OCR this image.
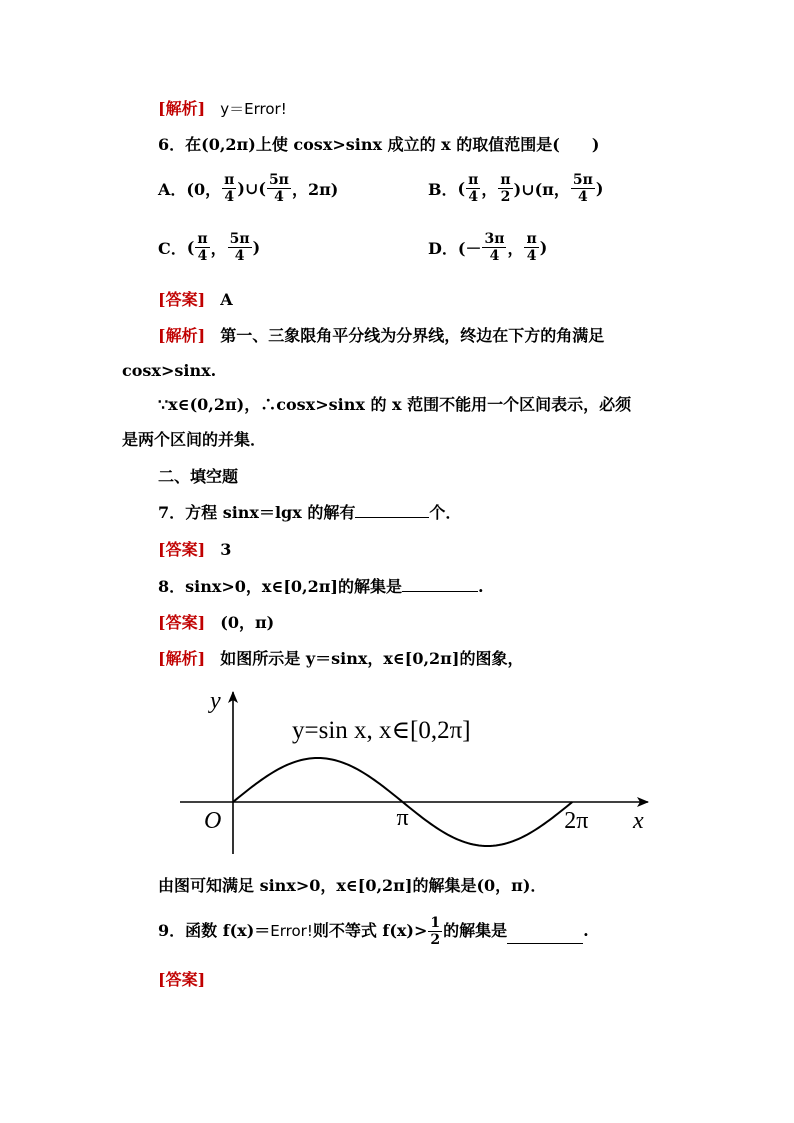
[解析] y＝Error!
6．在(0,2π)上使 cosx>sinx 成立的 x 的取值范围是(　　)
A． (0， $\frac{\pi}{4}$ )∪( $\frac{5\pi}{4}$ ，2π)	B． ( $\frac{\pi}{4}$ ， $\frac{\pi}{2}$ )∪(π， $\frac{5\pi}{4}$ )
C． ( $\frac{\pi}{4}$ ， $\frac{5\pi}{4}$ )	D． (－ $\frac{3\pi}{4}$ ， $\frac{\pi}{4}$ )
[答案] A
[解析] 第一、三象限角平分线为分界线，终边在下方的角满足
cosx>sinx.
∵x∈(0,2π)，∴cosx>sinx 的 x 范围不能用一个区间表示，必须
是两个区间的并集．
二、填空题
7．方程 sinx＝lgx 的解有	个．
[答案] 3
8．sinx>0，x∈[0,2π]的解集是	.
[答案] (0，π)
[解析] 如图所示是 y＝sinx，x∈[0,2π]的图象，
y
x
O	π	2π
y=sin x, x∈[0,2π]
由图可知满足 sinx>0，x∈[0,2π]的解集是(0，π)．
9．函数 f(x)＝ Error! 则不等式 $f(x)> \frac{1}{2}$ 的解集是	.
[答案]
